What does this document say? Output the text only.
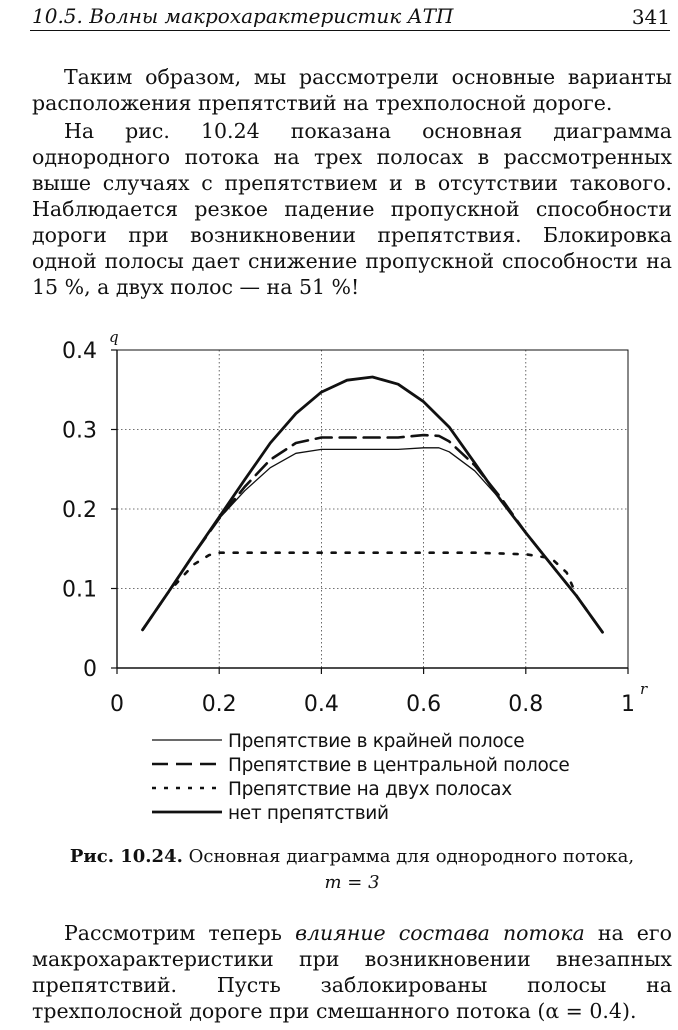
10.5. Волны макрохарактеристик АТП	341

Таким образом, мы рассмотрели основные варианты расположения препятствий на трехполосной дороге.

На рис. 10.24 показана основная диаграмма однородного потока на трех полосах в рассмотренных выше случаях с препятствием и в отсутствии такового. Наблюдается резкое падение пропускной способности дороги при возникновении препятствия. Блокировка одной полосы дает снижение пропускной способности на 15 %, а двух полос — на 51 %!

0	0.2	0.4	0.6	0.8	1
0
0.1
0.2
0.3
0.4
r
q
Препятствие в крайней полосе
Препятствие в центральной полосе
Препятствие на двух полосах
нет препятствий
Рис. 10.24. Основная диаграмма для однородного потока,
m = 3

Рассмотрим теперь влияние состава потока на его макрохарактеристики при возникновении внезапных препятствий. Пусть заблокированы полосы на трехполосной дороге при смешанного потока (α = 0.4).
